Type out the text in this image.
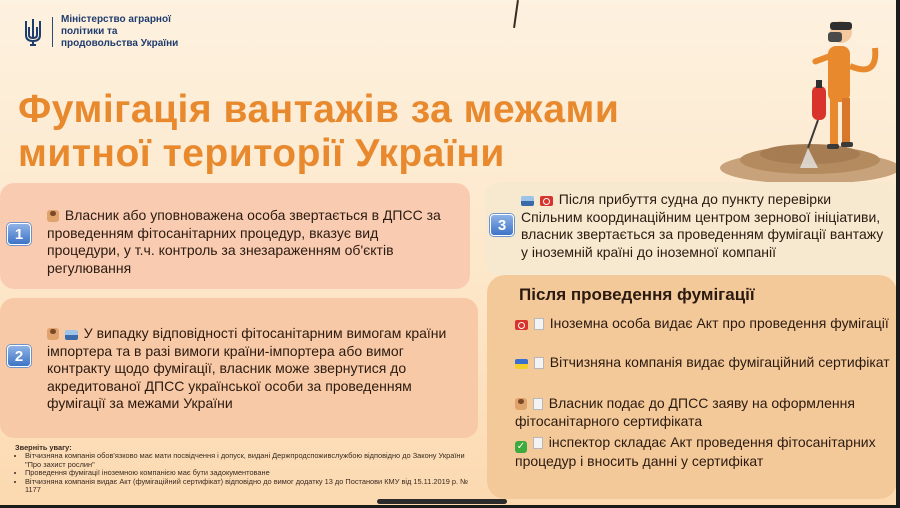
Міністерство аграрної політики та продовольства України
Фумігація вантажів за межами митної території України
1
2
3
Власник або уповноважена особа звертається в ДПСС за проведенням фітосанітарних процедур, вказує вид процедури, у т.ч. контроль за знезараженням об'єктів регулювання
У випадку відповідності фітосанітарним вимогам країни імпортера та в разі вимоги країни-імпортера або вимог контракту щодо фумігації, власник може звернутися до акредитованої ДПСС української особи за проведенням фумігації за межами України
Після прибуття судна до пункту перевірки Спільним координаційним центром зернової ініціативи, власник звертається за проведенням фумігації вантажу у іноземній країні до іноземної компанії
Після проведення фумігації
Іноземна особа видає Акт про проведення фумігації
Вітчизняна компанія видає фумігаційний сертифікат
Власник подає до ДПСС заяву на оформлення фітосанітарного сертифіката
✓ інспектор складає Акт проведення фітосанітарних процедур і вносить данні у сертифікат
Зверніть увагу:
• Вітчизняна компанія обов'язково має мати посвідчення і допуск, видані Держпродспоживслужбою відповідно до Закону України "Про захист рослин"
• Проведення фумігації іноземною компанією має бути задокументоване
• Вітчизняна компанія видає Акт (фумігаційний сертифікат) відповідно до вимог додатку 13 до Постанови КМУ від 15.11.2019 р. № 1177
